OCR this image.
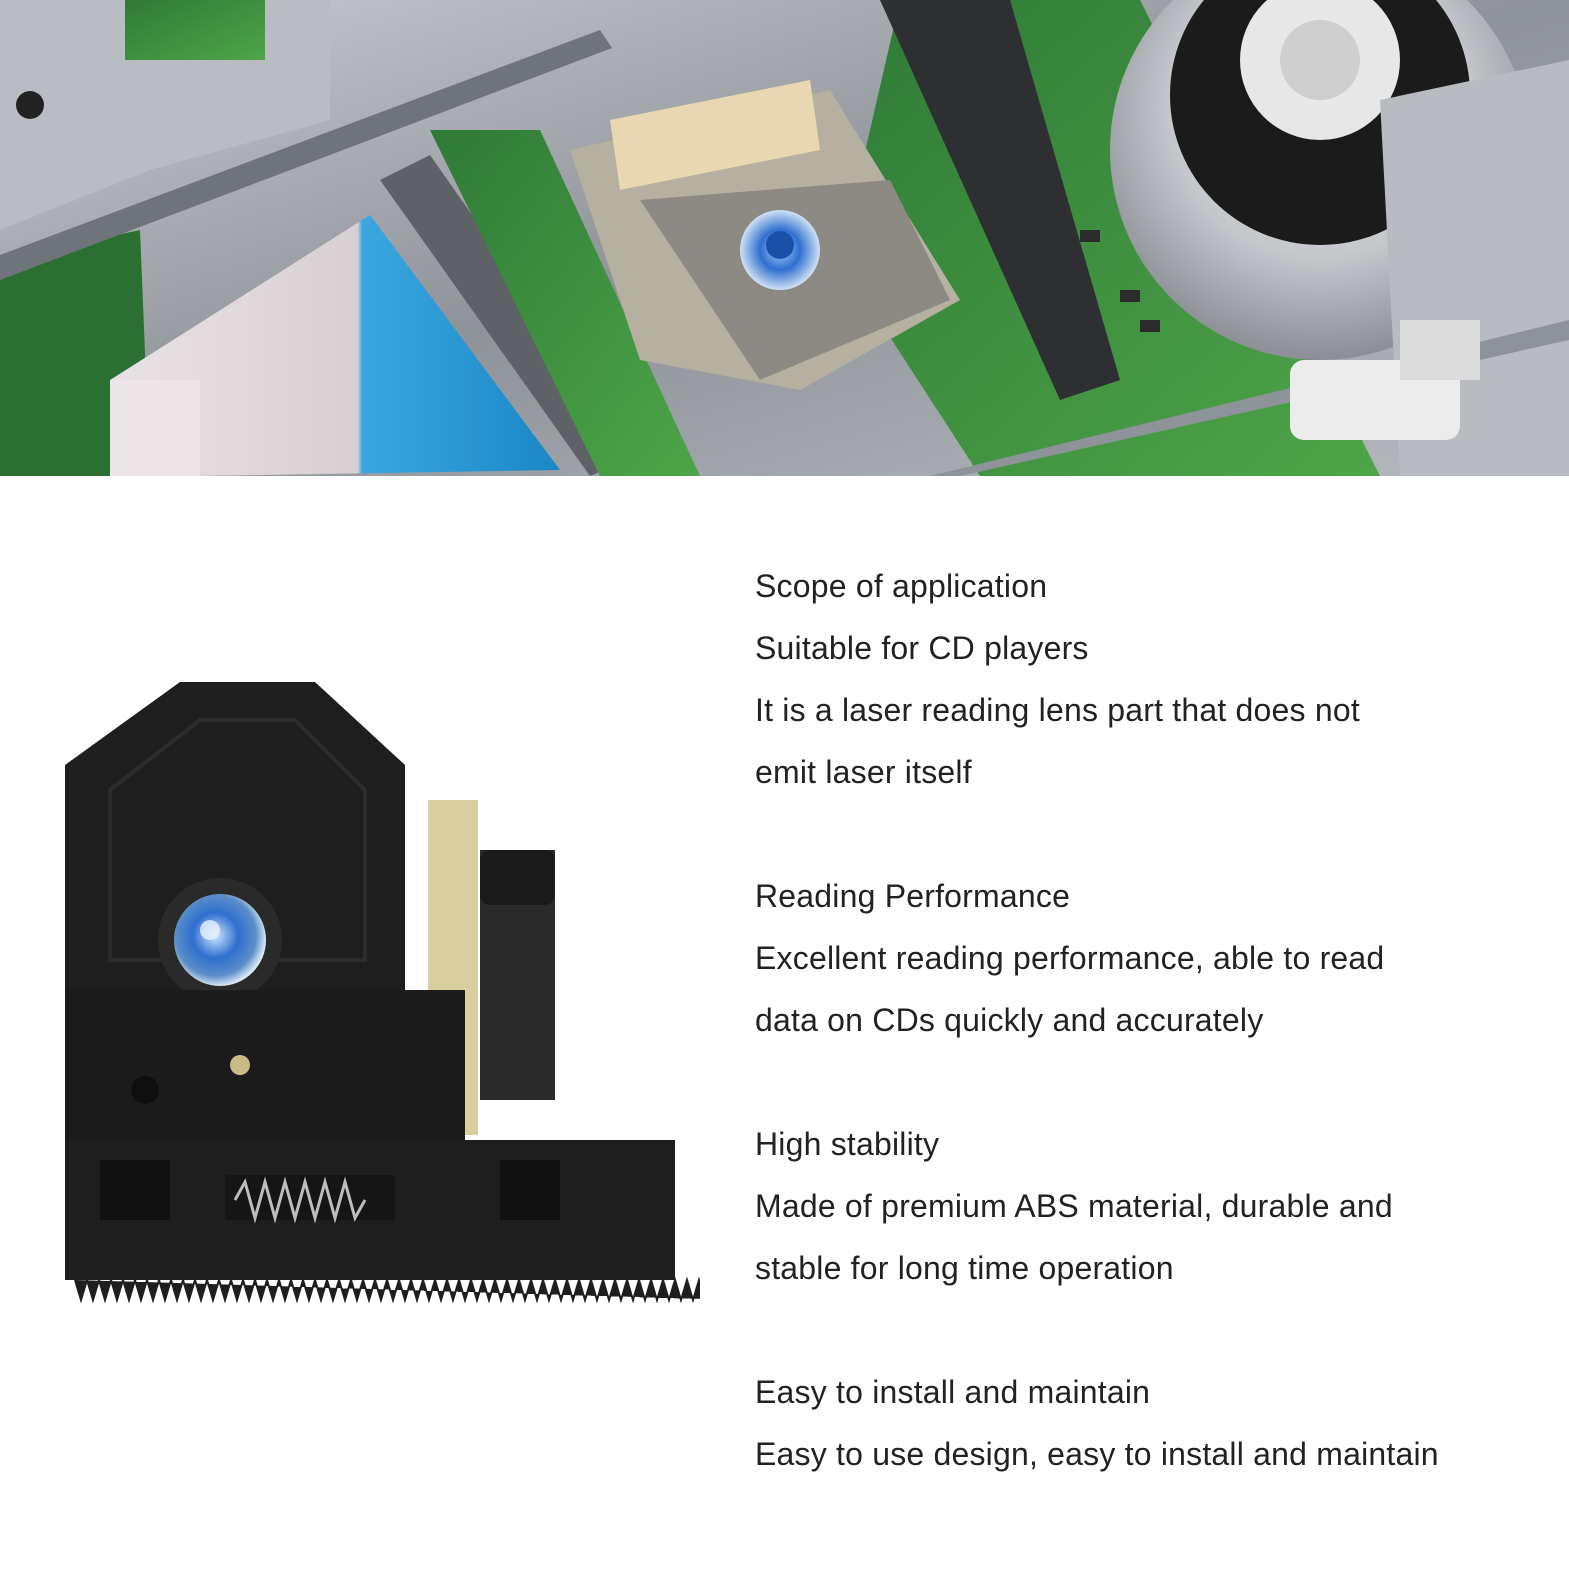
Scope of application
Suitable for CD players
It is a laser reading lens part that does not
emit laser itself
Reading Performance
Excellent reading performance, able to read
data on CDs quickly and accurately
High stability
Made of premium ABS material, durable and
stable for long time operation
Easy to install and maintain
Easy to use design, easy to install and maintain
